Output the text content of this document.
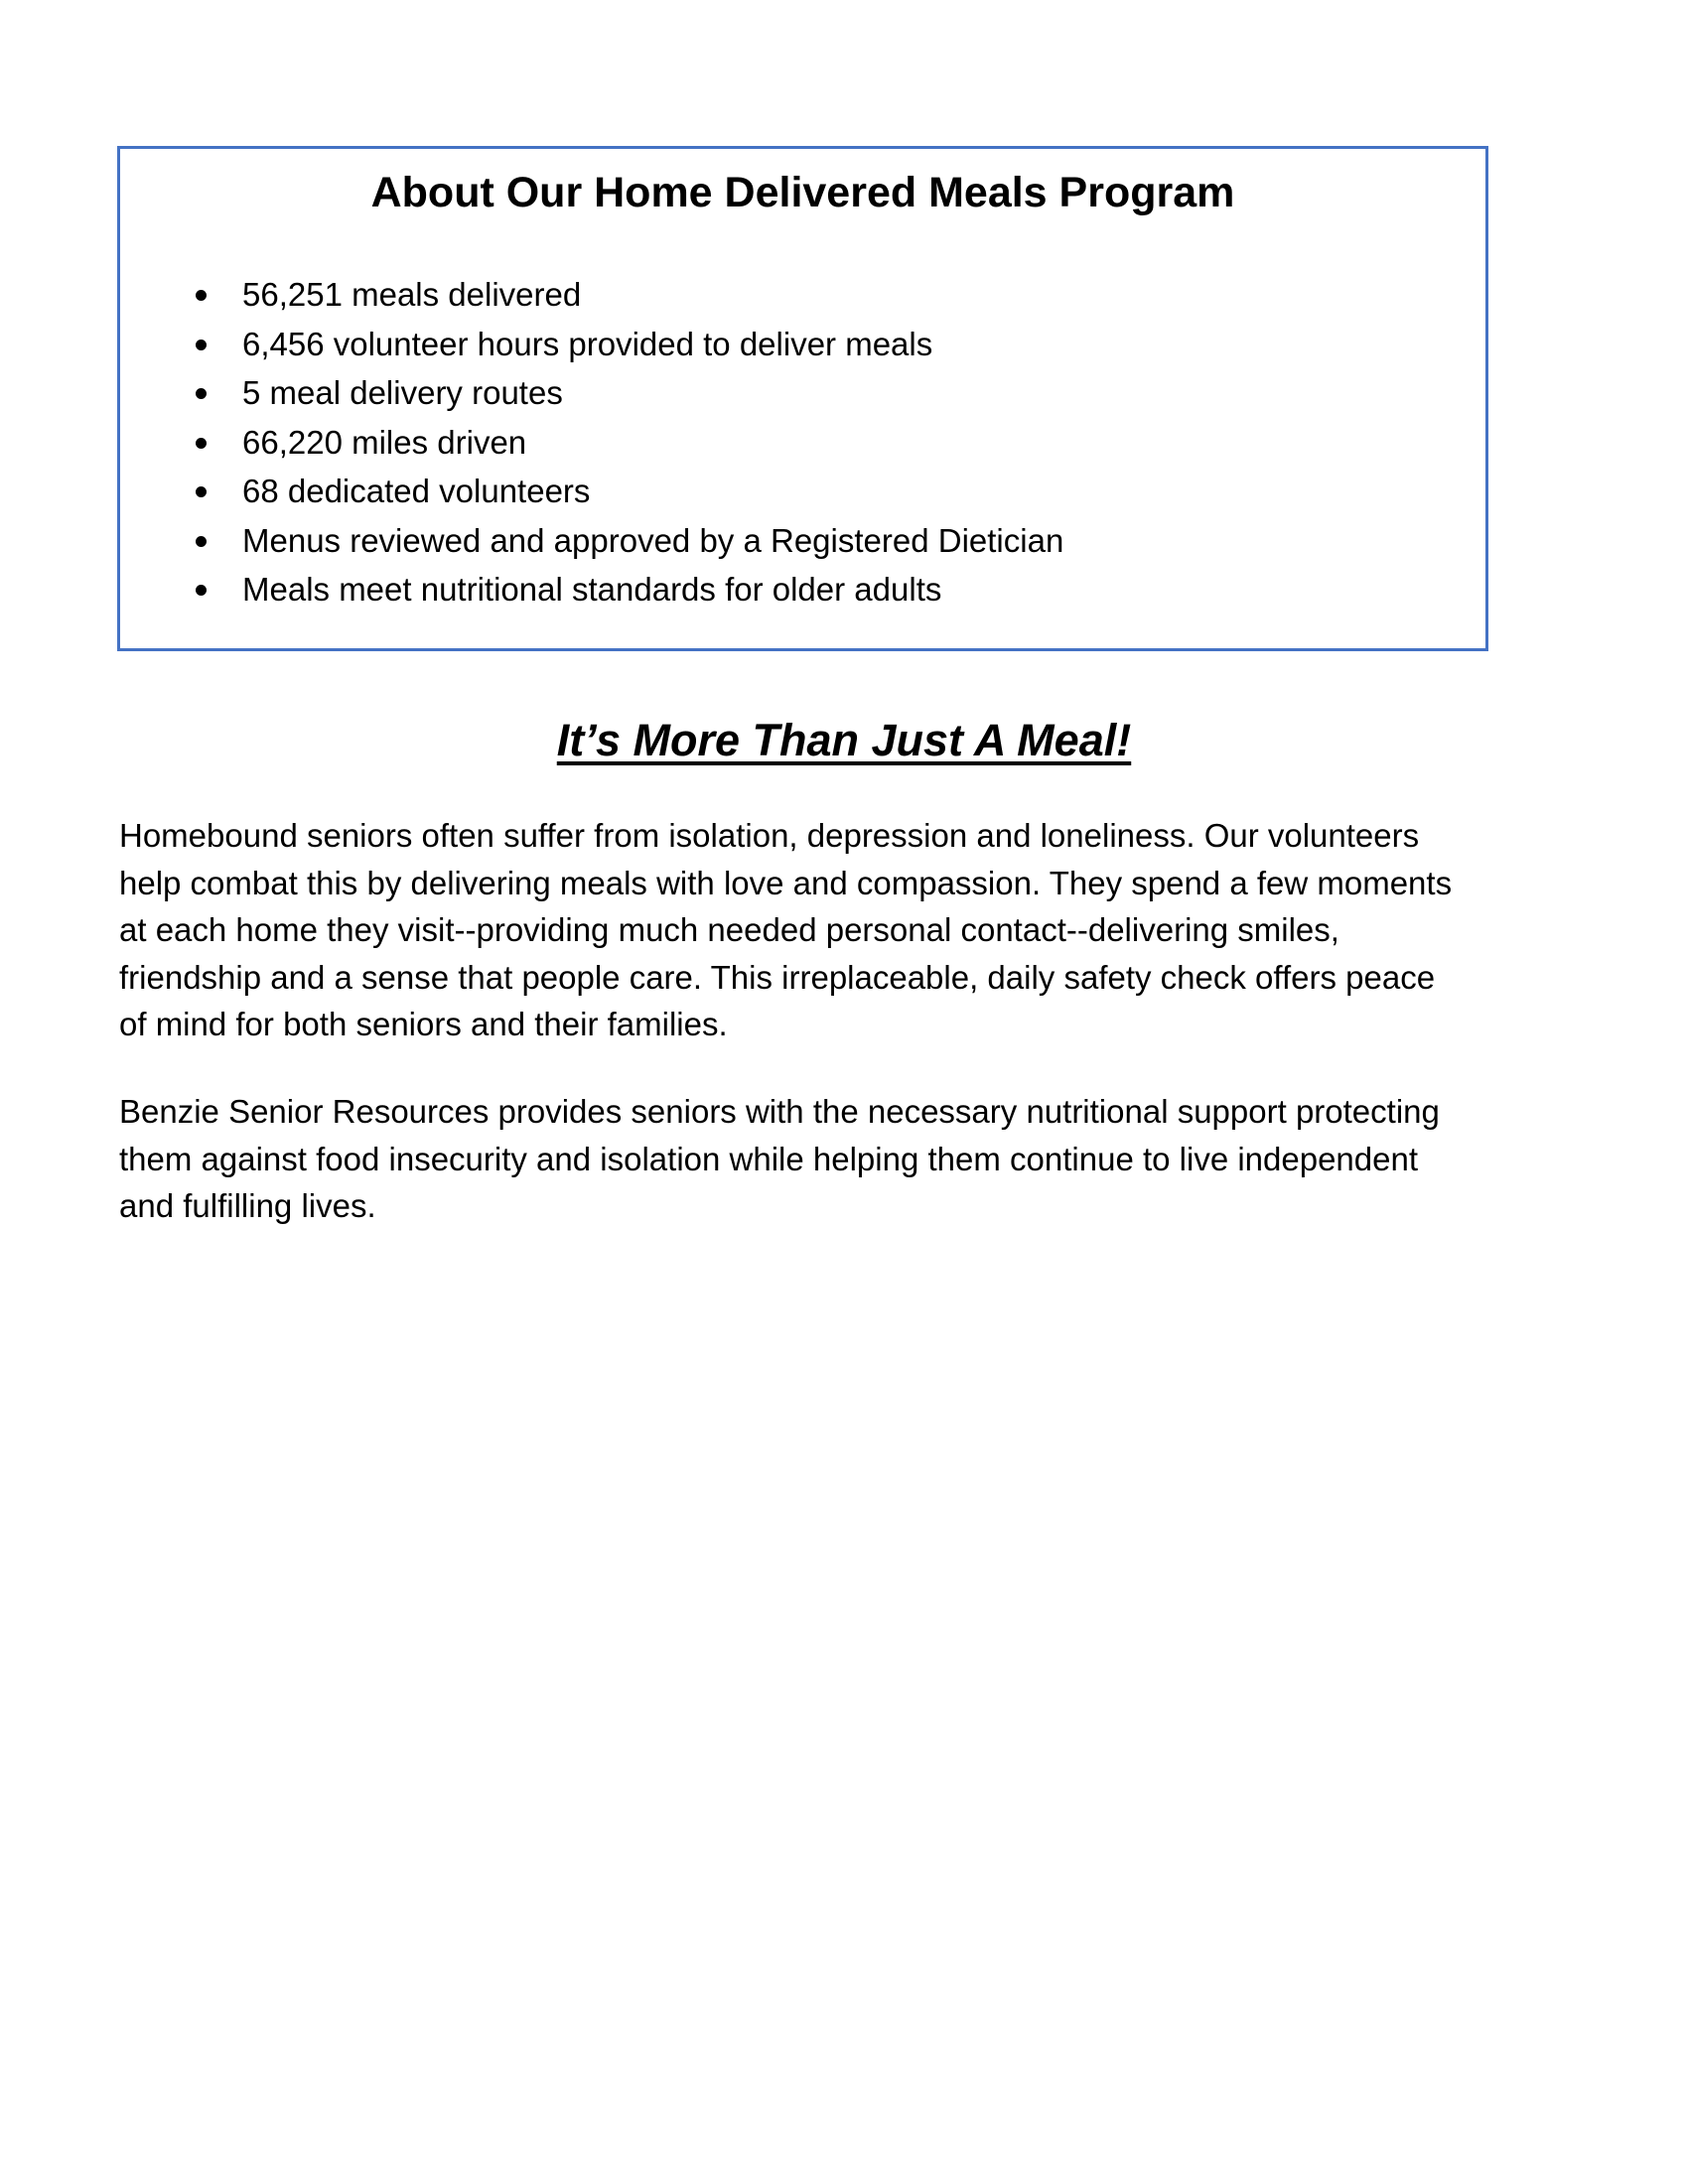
About Our Home Delivered Meals Program
56,251 meals delivered
6,456 volunteer hours provided to deliver meals
5 meal delivery routes
66,220 miles driven
68 dedicated volunteers
Menus reviewed and approved by a Registered Dietician
Meals meet nutritional standards for older adults
It’s More Than Just A Meal!

Homebound seniors often suffer from isolation, depression and loneliness. Our volunteers
help combat this by delivering meals with love and compassion. They spend a few moments
at each home they visit--providing much needed personal contact--delivering smiles,
friendship and a sense that people care. This irreplaceable, daily safety check offers peace
of mind for both seniors and their families.

Benzie Senior Resources provides seniors with the necessary nutritional support protecting
them against food insecurity and isolation while helping them continue to live independent
and fulfilling lives.
